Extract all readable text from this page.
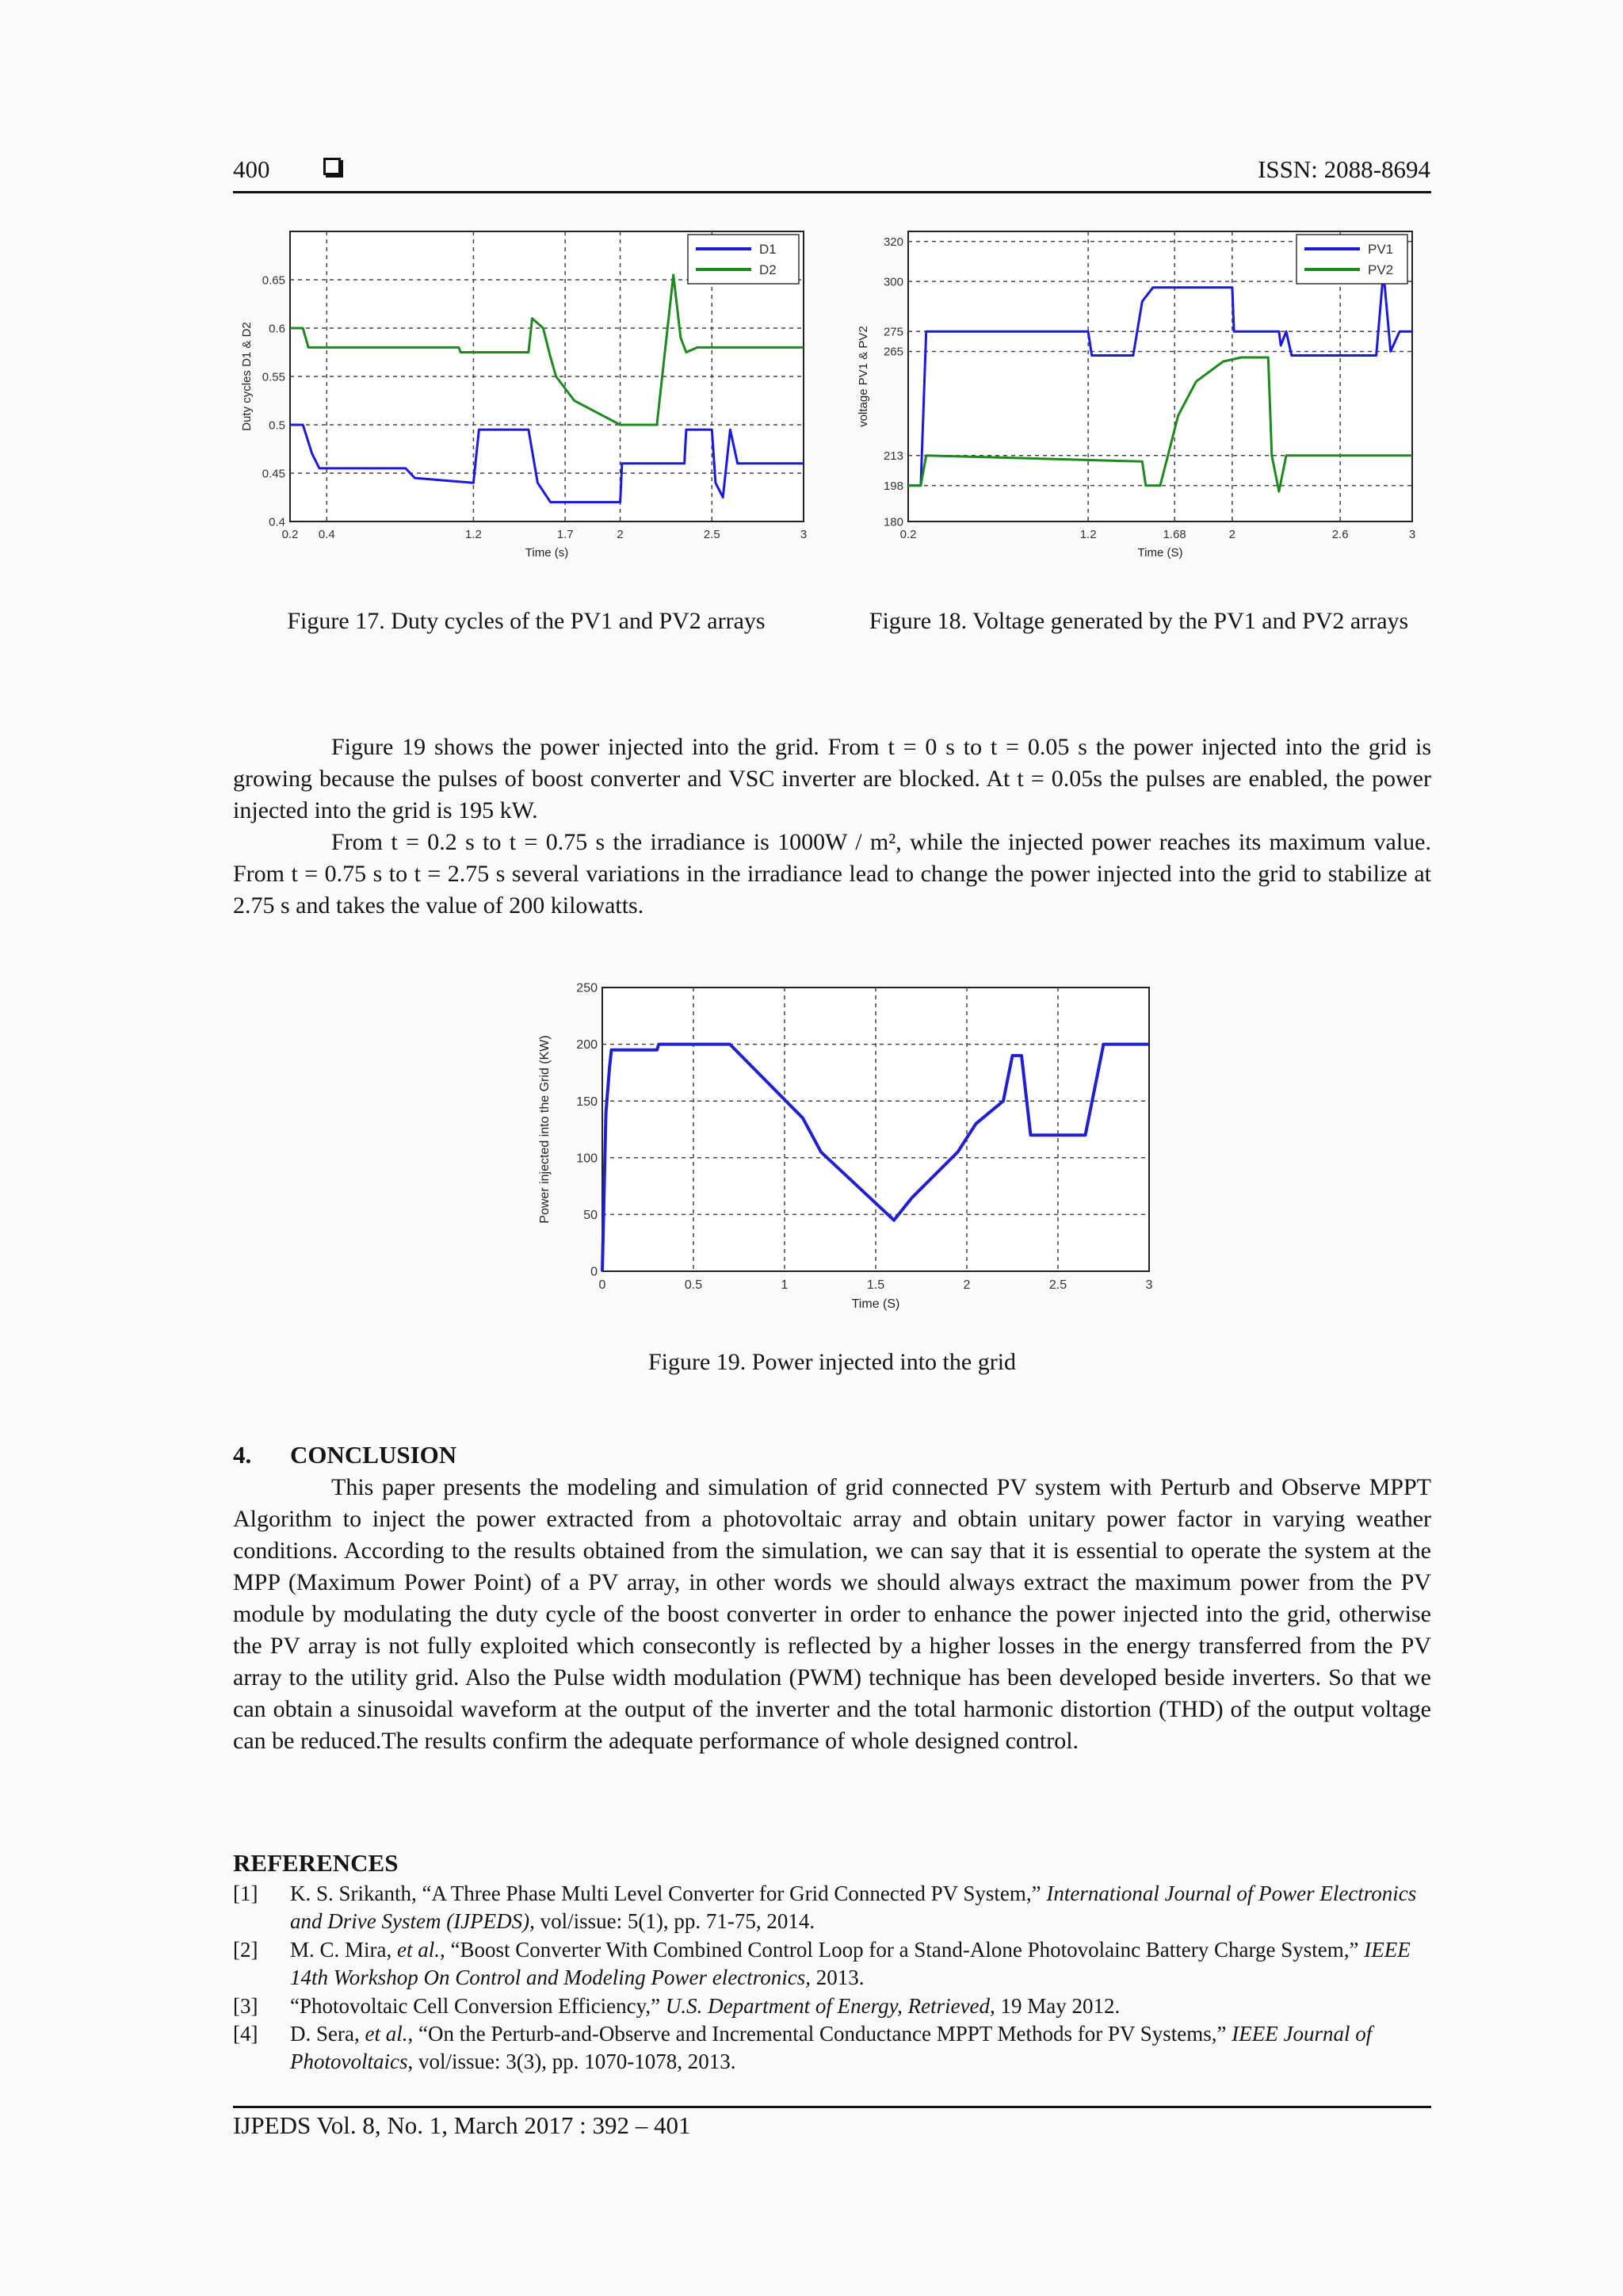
400	ISSN: 2088-8694
0.2 0.4	1.2	1.7	2	2.5	3
0.4
0.45
0.5
0.55
0.6
0.65
Time (s)
Duty cycles D1 & D2
D1
D2
Figure 17. Duty cycles of the PV1 and PV2 arrays
0.2	1.2	1.68	2	2.6	3
180
198
213
265
275
300
320
Time (S)
voltage PV1 & PV2
PV1
PV2
Figure 18. Voltage generated by the PV1 and PV2 arrays

Figure 19 shows the power injected into the grid. From t = 0 s to t = 0.05 s the power injected into the grid is growing because the pulses of boost converter and VSC inverter are blocked. At t = 0.05s the pulses are enabled, the power injected into the grid is 195 kW.

From t = 0.2 s to t = 0.75 s the irradiance is 1000W / m², while the injected power reaches its maximum value. From t = 0.75 s to t = 2.75 s several variations in the irradiance lead to change the power injected into the grid to stabilize at 2.75 s and takes the value of 200 kilowatts.

0	0.5	1	1.5	2	2.5	3
0
50
100
150
200
250
Time (S)
Power injected into the Grid (KW)
Figure 19. Power injected into the grid
4. CONCLUSION

This paper presents the modeling and simulation of grid connected PV system with Perturb and Observe MPPT Algorithm to inject the power extracted from a photovoltaic array and obtain unitary power factor in varying weather conditions. According to the results obtained from the simulation, we can say that it is essential to operate the system at the MPP (Maximum Power Point) of a PV array, in other words we should always extract the maximum power from the PV module by modulating the duty cycle of the boost converter in order to enhance the power injected into the grid, otherwise the PV array is not fully exploited which consecontly is reflected by a higher losses in the energy transferred from the PV array to the utility grid. Also the Pulse width modulation (PWM) technique has been developed beside inverters. So that we can obtain a sinusoidal waveform at the output of the inverter and the total harmonic distortion (THD) of the output voltage can be reduced.The results confirm the adequate performance of whole designed control.

REFERENCES
[1] K. S. Srikanth, “A Three Phase Multi Level Converter for Grid Connected PV System,” International Journal of Power Electronics and Drive System (IJPEDS), vol/issue: 5(1), pp. 71-75, 2014.
[2] M. C. Mira, et al., “Boost Converter With Combined Control Loop for a Stand-Alone Photovolainc Battery Charge System,” IEEE 14th Workshop On Control and Modeling Power electronics, 2013.
[3] “Photovoltaic Cell Conversion Efficiency,” U.S. Department of Energy, Retrieved, 19 May 2012.
[4] D. Sera, et al., “On the Perturb-and-Observe and Incremental Conductance MPPT Methods for PV Systems,” IEEE Journal of Photovoltaics, vol/issue: 3(3), pp. 1070-1078, 2013.
IJPEDS Vol. 8, No. 1, March 2017 : 392 – 401
